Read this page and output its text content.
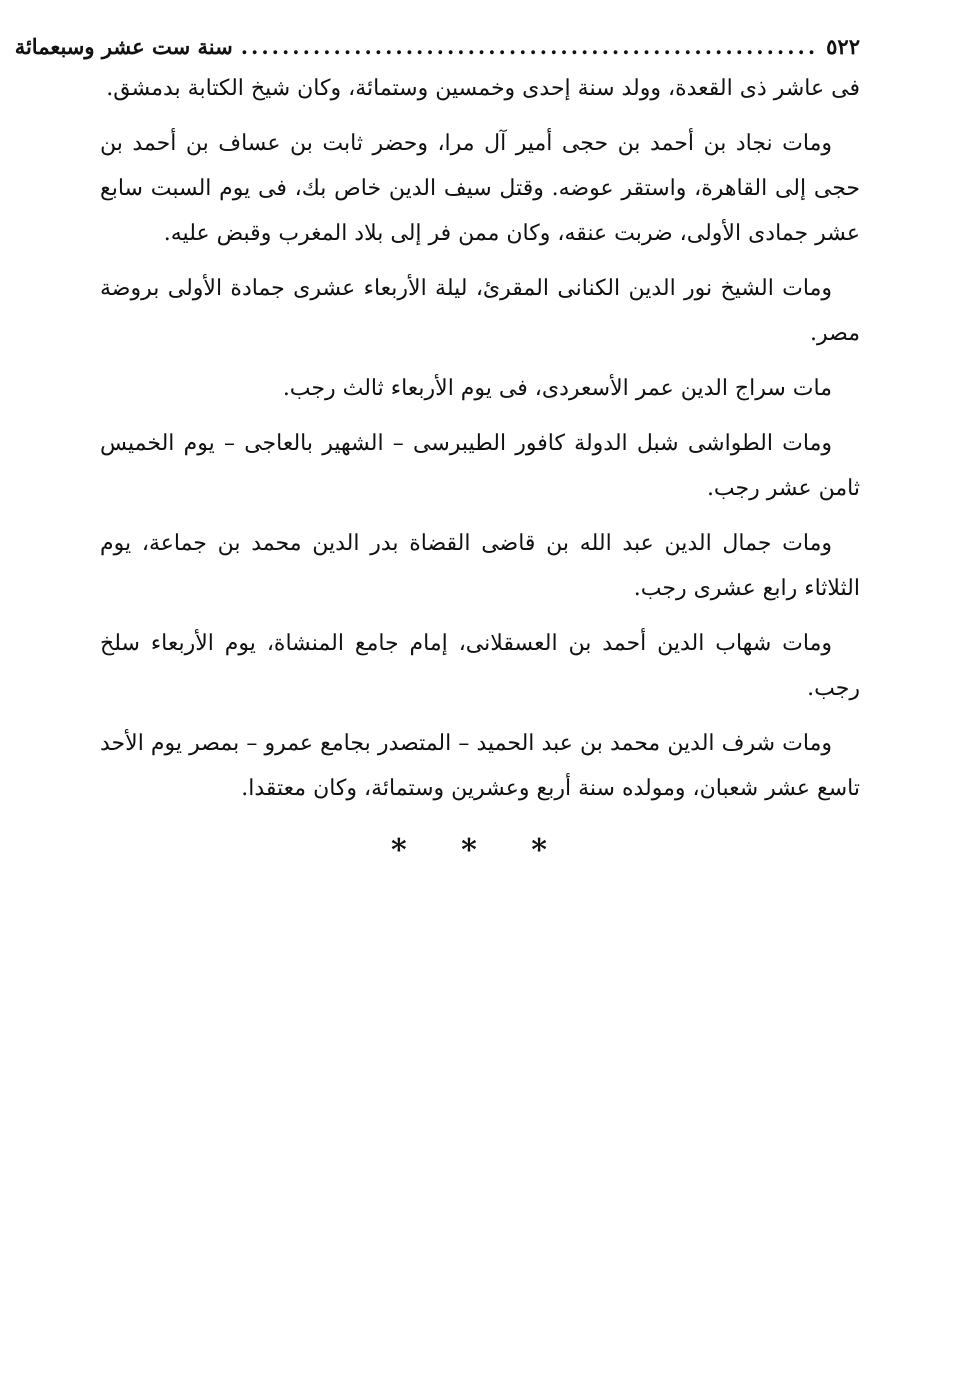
٥٢٢
........................................................
سنة ست عشر وسبعمائة

فى عاشر ذى القعدة، وولد سنة إحدى وخمسين وستمائة، وكان شيخ الكتابة بدمشق.

ومات نجاد بن أحمد بن حجى أمير آل مرا، وحضر ثابت بن عساف بن أحمد بن حجى إلى القاهرة، واستقر عوضه. وقتل سيف الدين خاص بك، فى يوم السبت سابع عشر جمادى الأولى، ضربت عنقه، وكان ممن فر إلى بلاد المغرب وقبض عليه.

ومات الشيخ نور الدين الكنانى المقرئ، ليلة الأربعاء عشرى جمادة الأولى بروضة مصر.

مات سراج الدين عمر الأسعردى، فى يوم الأربعاء ثالث رجب.

ومات الطواشى شبل الدولة كافور الطيبرسى – الشهير بالعاجى – يوم الخميس ثامن عشر رجب.

ومات جمال الدين عبد الله بن قاضى القضاة بدر الدين محمد بن جماعة، يوم الثلاثاء رابع عشرى رجب.

ومات شهاب الدين أحمد بن العسقلانى، إمام جامع المنشاة، يوم الأربعاء سلخ رجب.

ومات شرف الدين محمد بن عبد الحميد – المتصدر بجامع عمرو – بمصر يوم الأحد تاسع عشر شعبان، ومولده سنة أربع وعشرين وستمائة، وكان معتقدا.

* * *
